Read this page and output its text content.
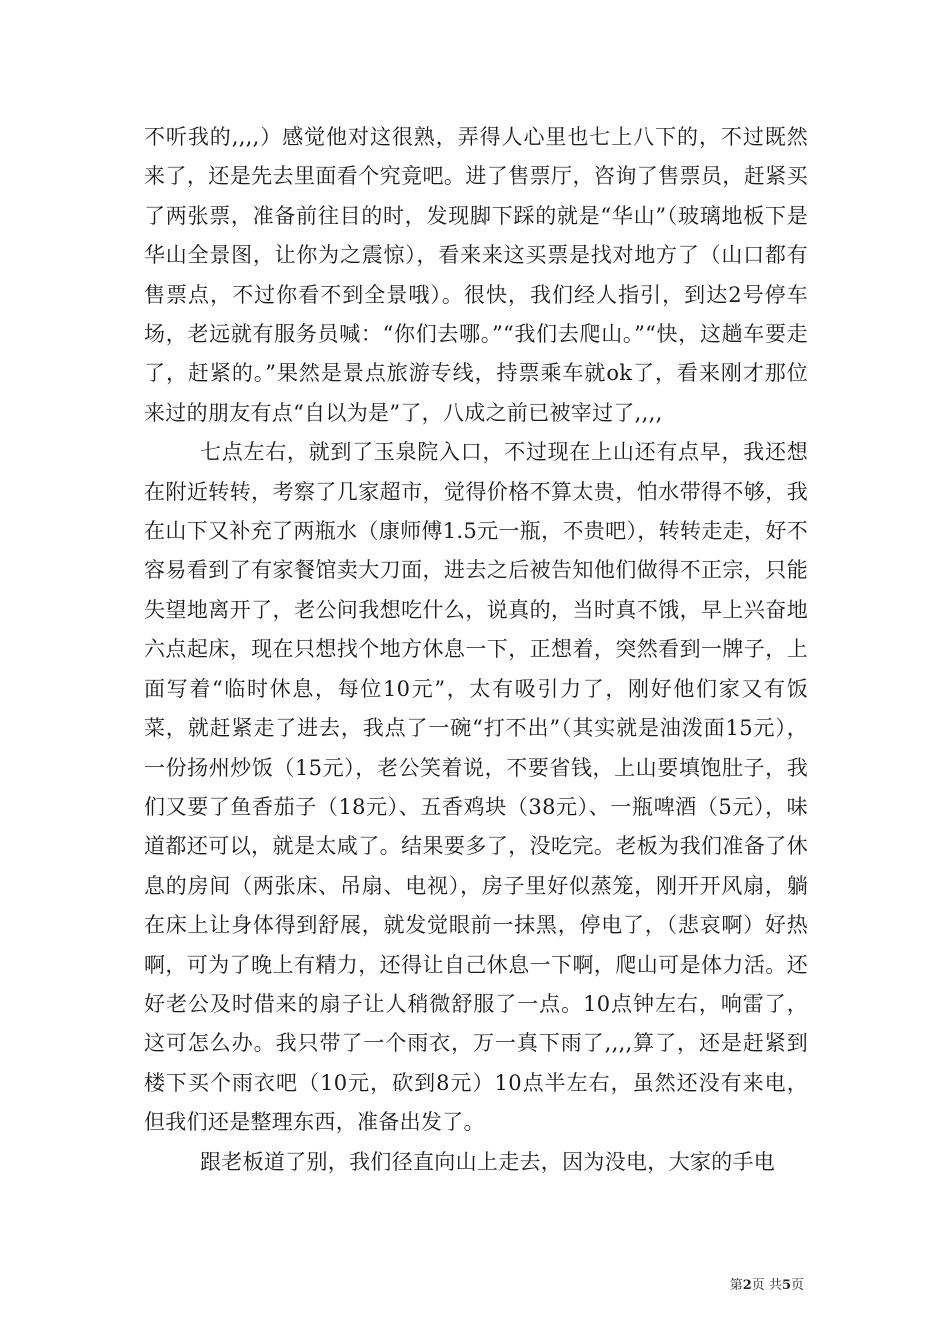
不听我的,,,,）感觉他对这很熟，弄得人心里也七上八下的，不过既然来了，还是先去里面看个究竟吧。进了售票厅，咨询了售票员，赶紧买了两张票，准备前往目的时，发现脚下踩的就是“华山”（玻璃地板下是华山全景图，让你为之震惊），看来来这买票是找对地方了（山口都有售票点，不过你看不到全景哦）。很快，我们经人指引，到达2号停车场，老远就有服务员喊：“你们去哪。”“我们去爬山。”“快，这趟车要走了，赶紧的。”果然是景点旅游专线，持票乘车就ok了，看来刚才那位来过的朋友有点“自以为是”了，八成之前已被宰过了,,,,

七点左右，就到了玉泉院入口，不过现在上山还有点早，我还想在附近转转，考察了几家超市，觉得价格不算太贵，怕水带得不够，我在山下又补充了两瓶水（康师傅1.5元一瓶，不贵吧），转转走走，好不容易看到了有家餐馆卖大刀面，进去之后被告知他们做得不正宗，只能失望地离开了，老公问我想吃什么，说真的，当时真不饿，早上兴奋地六点起床，现在只想找个地方休息一下，正想着，突然看到一牌子，上面写着“临时休息，每位10元”，太有吸引力了，刚好他们家又有饭菜，就赶紧走了进去，我点了一碗“打不出”（其实就是油泼面15元），一份扬州炒饭（15元），老公笑着说，不要省钱，上山要填饱肚子，我们又要了鱼香茄子（18元）、五香鸡块（38元）、一瓶啤酒（5元），味道都还可以，就是太咸了。结果要多了，没吃完。老板为我们准备了休息的房间（两张床、吊扇、电视），房子里好似蒸笼，刚开开风扇，躺在床上让身体得到舒展，就发觉眼前一抹黑，停电了，（悲哀啊）好热啊，可为了晚上有精力，还得让自己休息一下啊，爬山可是体力活。还好老公及时借来的扇子让人稍微舒服了一点。10点钟左右，响雷了，这可怎么办。我只带了一个雨衣，万一真下雨了,,,,算了，还是赶紧到楼下买个雨衣吧（10元，砍到8元）10点半左右，虽然还没有来电，但我们还是整理东西，准备出发了。

跟老板道了别，我们径直向山上走去，因为没电，大家的手电

第2页 共5页
